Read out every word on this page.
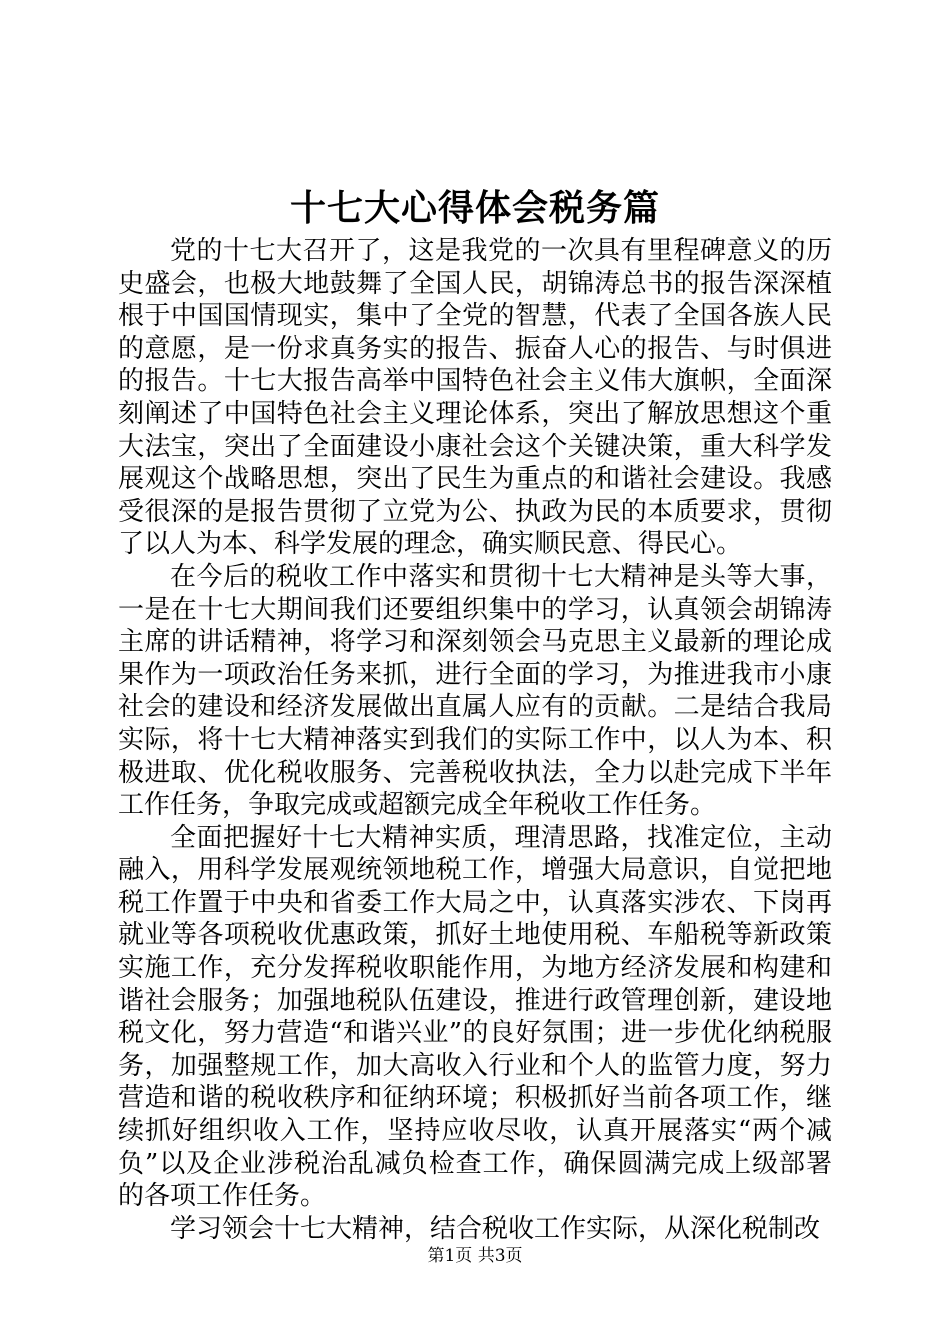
十七大心得体会税务篇

党的十七大召开了，这是我党的一次具有里程碑意义的历史盛会，也极大地鼓舞了全国人民，胡锦涛总书的报告深深植根于中国国情现实，集中了全党的智慧，代表了全国各族人民的意愿，是一份求真务实的报告、振奋人心的报告、与时俱进的报告。十七大报告高举中国特色社会主义伟大旗帜，全面深刻阐述了中国特色社会主义理论体系，突出了解放思想这个重大法宝，突出了全面建设小康社会这个关键决策，重大科学发展观这个战略思想，突出了民生为重点的和谐社会建设。我感受很深的是报告贯彻了立党为公、执政为民的本质要求，贯彻了以人为本、科学发展的理念，确实顺民意、得民心。

在今后的税收工作中落实和贯彻十七大精神是头等大事，一是在十七大期间我们还要组织集中的学习，认真领会胡锦涛主席的讲话精神，将学习和深刻领会马克思主义最新的理论成果作为一项政治任务来抓，进行全面的学习，为推进我市小康社会的建设和经济发展做出直属人应有的贡献。二是结合我局实际，将十七大精神落实到我们的实际工作中，以人为本、积极进取、优化税收服务、完善税收执法，全力以赴完成下半年工作任务，争取完成或超额完成全年税收工作任务。

全面把握好十七大精神实质，理清思路，找准定位，主动融入，用科学发展观统领地税工作，增强大局意识，自觉把地税工作置于中央和省委工作大局之中，认真落实涉农、下岗再就业等各项税收优惠政策，抓好土地使用税、车船税等新政策实施工作，充分发挥税收职能作用，为地方经济发展和构建和谐社会服务；加强地税队伍建设，推进行政管理创新，建设地税文化，努力营造“和谐兴业”的良好氛围；进一步优化纳税服务，加强整规工作，加大高收入行业和个人的监管力度，努力营造和谐的税收秩序和征纳环境；积极抓好当前各项工作，继续抓好组织收入工作，坚持应收尽收，认真开展落实“两个减负”以及企业涉税治乱减负检查工作，确保圆满完成上级部署的各项工作任务。

学习领会十七大精神，结合税收工作实际，从深化税制改

第1页 共3页
